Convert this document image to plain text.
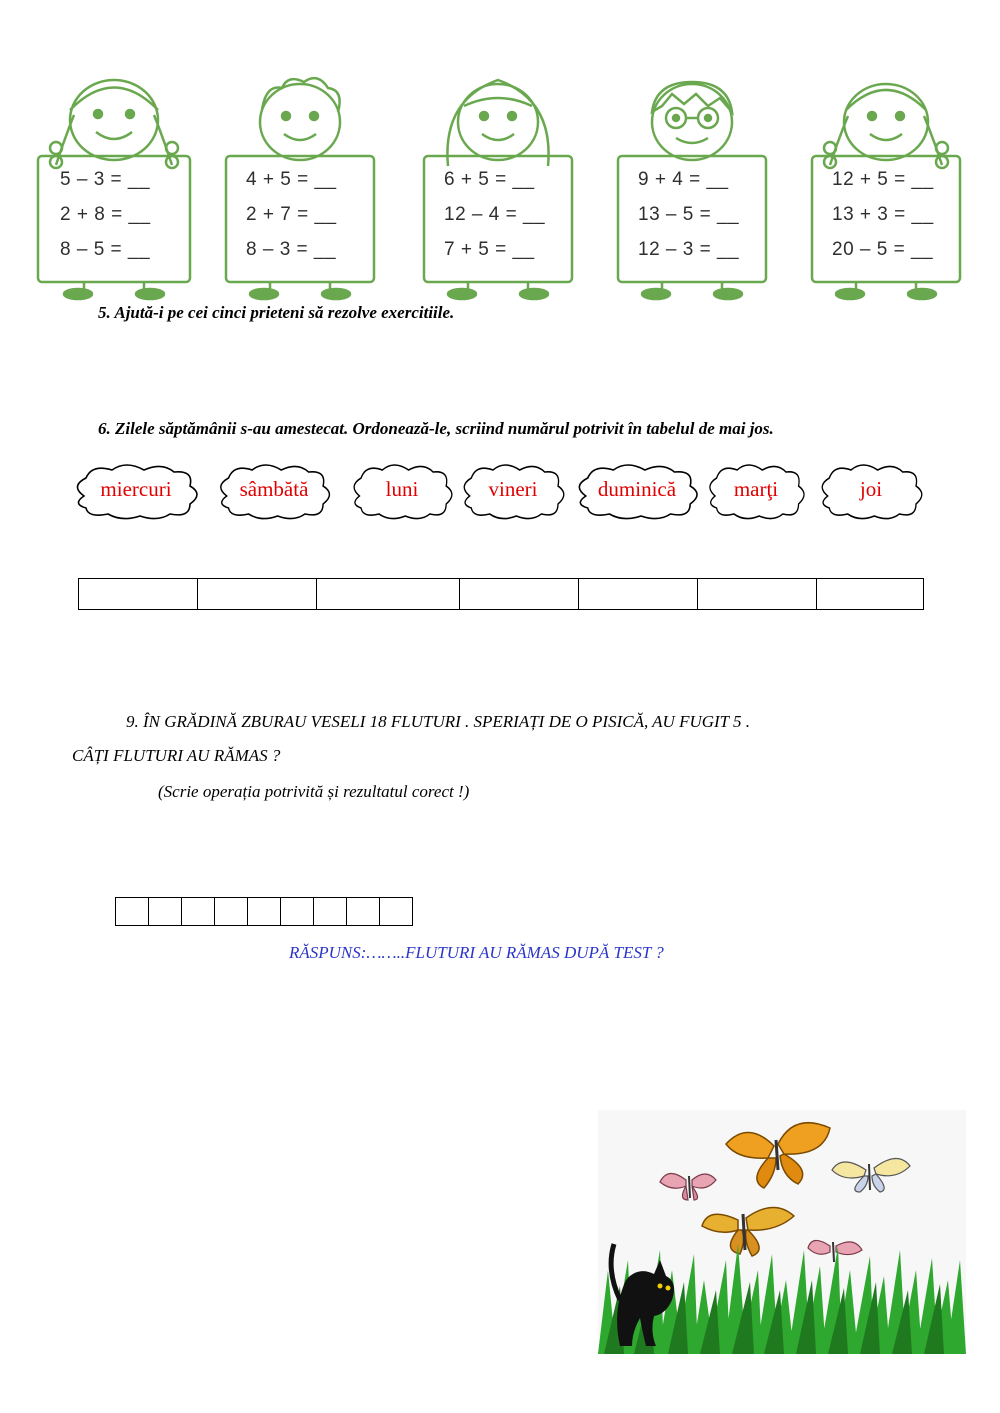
5 – 3 = __
2 + 8 = __
8 – 5 = __
4 + 5 = __
2 + 7 = __
8 – 3 = __
6 + 5 = __
12 – 4 = __
7 + 5 = __
9 + 4 = __
13 – 5 = __
12 – 3 = __
12 + 5 = __
13 + 3 = __
20 – 5 = __
5. Ajută-i pe cei cinci prieteni să rezolve exercitiile.
6. Zilele săptămânii s-au amestecat. Ordonează-le, scriind numărul potrivit în tabelul de mai jos.
miercuri	sâmbătă	luni	vineri	duminică	marţi	joi

9. ÎN GRĂDINĂ ZBURAU VESELI 18 FLUTURI . SPERIAȚI DE O PISICĂ, AU FUGIT 5 .
CÂȚI FLUTURI AU RĂMAS ?
(Scrie operația potrivită și rezultatul corect !)
RĂSPUNS:……..FLUTURI AU RĂMAS DUPĂ TEST ?
